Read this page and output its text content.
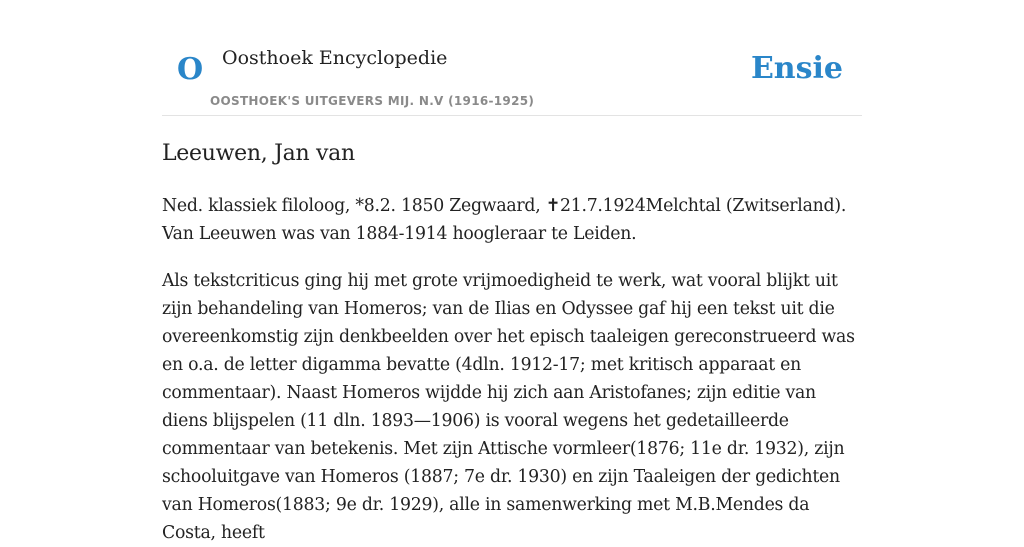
O Oosthoek Encyclopedie
OOSTHOEK'S UITGEVERS MIJ. N.V (1916-1925)
Ensie
Leeuwen, Jan van

Ned. klassiek filoloog, *8.2. 1850 Zegwaard, ✝21.7.1924Melchtal (Zwitserland). Van Leeuwen was van 1884-1914 hoogleraar te Leiden.

Als tekstcriticus ging hij met grote vrijmoedigheid te werk, wat vooral blijkt uit zijn behandeling van Homeros; van de Ilias en Odyssee gaf hij een tekst uit die overeenkomstig zijn denkbeelden over het episch taaleigen gereconstrueerd was en o.a. de letter digamma bevatte (4dln. 1912-17; met kritisch apparaat en commentaar). Naast Homeros wijdde hij zich aan Aristofanes; zijn editie van diens blijspelen (11 dln. 1893—1906) is vooral wegens het gedetailleerde commentaar van betekenis. Met zijn Attische vormleer(1876; 11e dr. 1932), zijn schooluitgave van Homeros (1887; 7e dr. 1930) en zijn Taaleigen der gedichten van Homeros(1883; 9e dr. 1929), alle in samenwerking met M.B.Mendes da Costa, heeft
